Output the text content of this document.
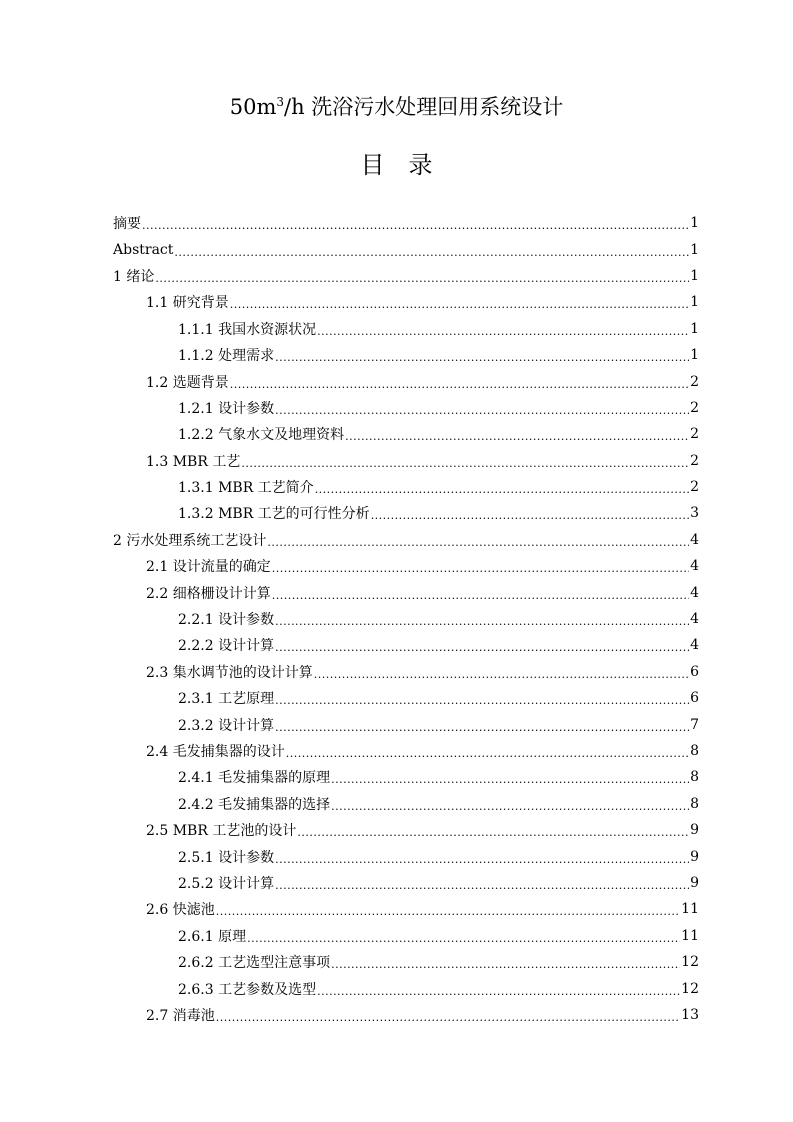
$50m^3/h$ 洗浴污水处理回用系统设计
目 录
摘要 .....	1
Abstract .....	1
1 绪论 .....	1
1.1 研究背景 .....	1
1.1.1 我国水资源状况 .....	1
1.1.2 处理需求 .....	1
1.2 选题背景 .....	2
1.2.1 设计参数 .....	2
1.2.2 气象水文及地理资料 .....	2
1.3 MBR 工艺 .....	2
1.3.1 MBR 工艺简介 .....	2
1.3.2 MBR 工艺的可行性分析 .....	3
2 污水处理系统工艺设计 .....	4
2.1 设计流量的确定 .....	4
2.2 细格栅设计计算 .....	4
2.2.1 设计参数 .....	4
2.2.2 设计计算 .....	4
2.3 集水调节池的设计计算 .....	6
2.3.1 工艺原理 .....	6
2.3.2 设计计算 .....	7
2.4 毛发捕集器的设计 .....	8
2.4.1 毛发捕集器的原理 .....	8
2.4.2 毛发捕集器的选择 .....	8
2.5 MBR 工艺池的设计 .....	9
2.5.1 设计参数 .....	9
2.5.2 设计计算 .....	9
2.6 快滤池 .....	11
2.6.1 原理 .....	11
2.6.2 工艺选型注意事项 .....	12
2.6.3 工艺参数及选型 .....	12
2.7 消毒池 .....	13
